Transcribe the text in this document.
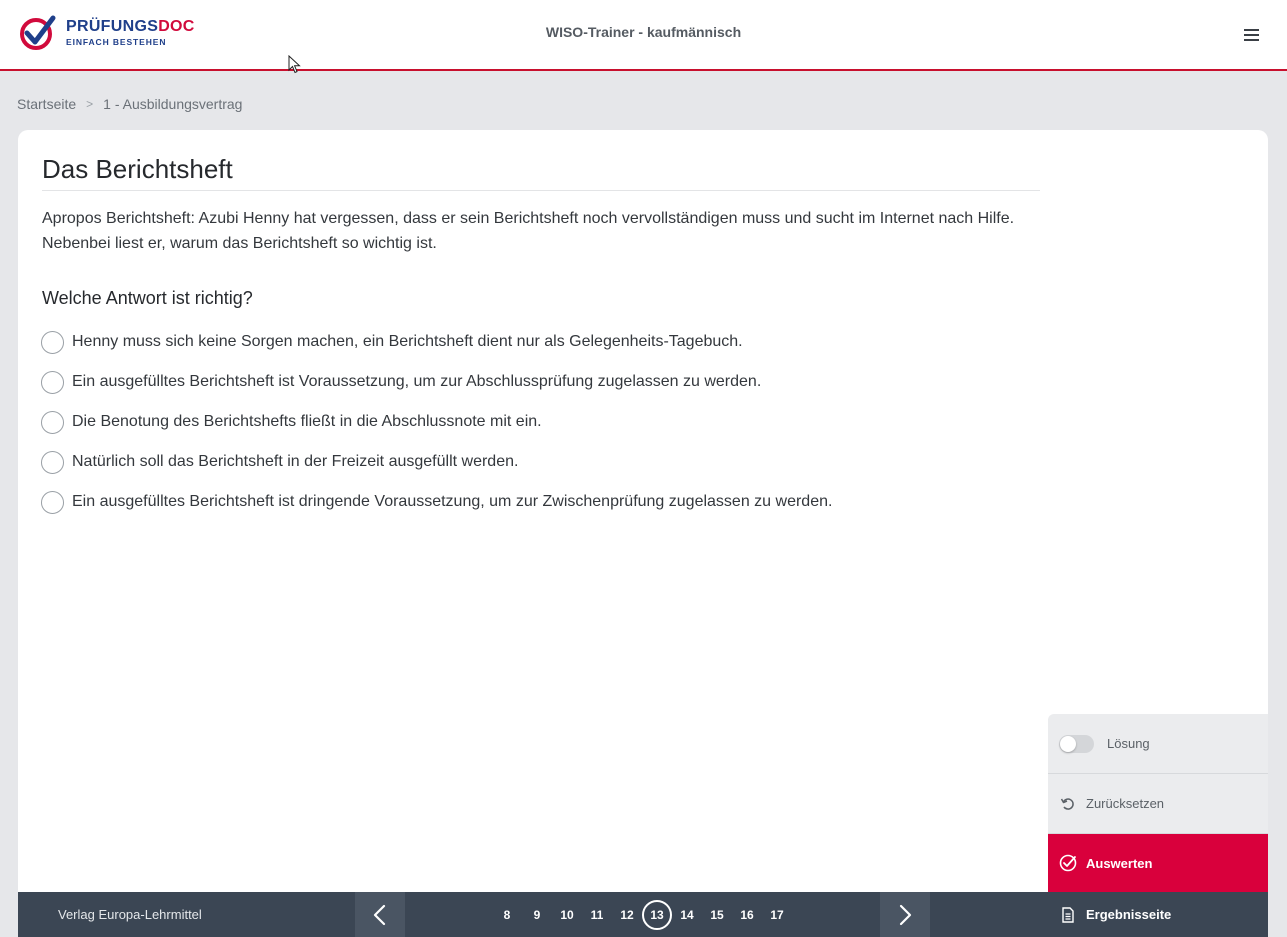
PRÜFUNGSDOC
EINFACH BESTEHEN
WISO-Trainer - kaufmännisch
Startseite > 1 - Ausbildungsvertrag
Das Berichtsheft
Apropos Berichtsheft: Azubi Henny hat vergessen, dass er sein Berichtsheft noch vervollständigen muss und sucht im Internet nach Hilfe. Nebenbei liest er, warum das Berichtsheft so wichtig ist.
Welche Antwort ist richtig?
Henny muss sich keine Sorgen machen, ein Berichtsheft dient nur als Gelegenheits-Tagebuch.
Ein ausgefülltes Berichtsheft ist Voraussetzung, um zur Abschlussprüfung zugelassen zu werden.
Die Benotung des Berichtshefts fließt in die Abschlussnote mit ein.
Natürlich soll das Berichtsheft in der Freizeit ausgefüllt werden.
Ein ausgefülltes Berichtsheft ist dringende Voraussetzung, um zur Zwischenprüfung zugelassen zu werden.
Lösung
Zurücksetzen
Auswerten
Ergebnisseite
Verlag Europa-Lehrmittel	8	9	10	11	12	13	14	15	16	17
